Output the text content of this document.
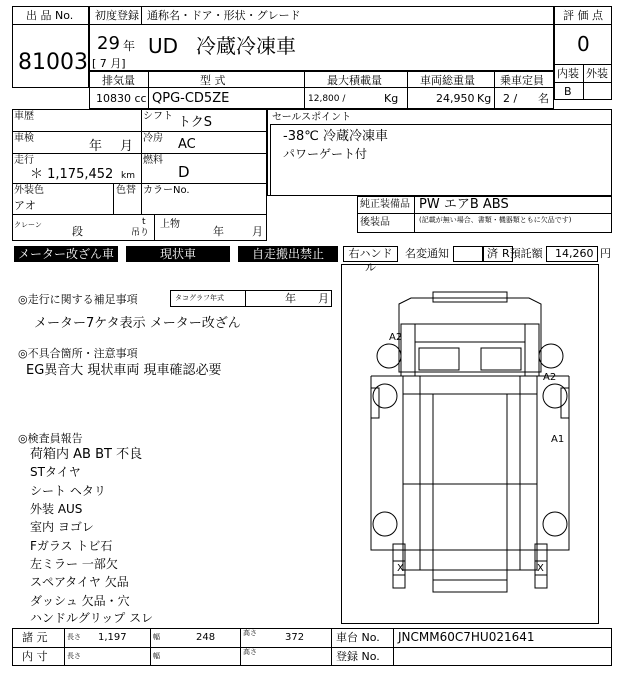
出 品 No.
81003
初度登録 通称名・ドア・形状・グレード
29 年
[ 7 月]
UD 冷蔵冷凍車
評 価 点
0
内装 外装
B
排気量	型 式	最大積載量	車両総重量 乗車定員
10830 cc QPG-CD5ZE	12,800 /	Kg	24,950 Kg 2 / 名
車歴	シフト トクS
車検
年 月
冷房 AC
走行
＊ 1,175,452 km
燃料
D
外装色
アオ
色替 カラーNo.
クレーン	段
t
吊り
上物
年	月
セールスポイント
-38℃ 冷蔵冷凍車
パワーゲート付
純正装備品 PW エアB ABS
後装品	(記載が無い場合、書類・機器類ともに欠品です)
メーター改ざん車	現状車	自走搬出禁止	右ハンドル
名変通知	済 R預託額 14,260 円
◎走行に関する補足事項	タコグラフ年式	年 月
メーター7ケタ表示 メーター改ざん
◎不具合箇所・注意事項
EG異音大 現状車両 現車確認必要
◎検査員報告
荷箱内 AB BT 不良
STタイヤ
シート ヘタリ
外装 AUS
室内 ヨゴレ
Fガラス トビ石
左ミラー 一部欠
スペアタイヤ 欠品
ダッシュ 欠品・穴
ハンドルグリップ スレ
A2
A2
A1
X	X
諸 元	長さ 1,197	幅	248	高さ	372	車台 No. JNCMM60C7HU021641
内 寸	長さ	幅	高さ	登録 No.
